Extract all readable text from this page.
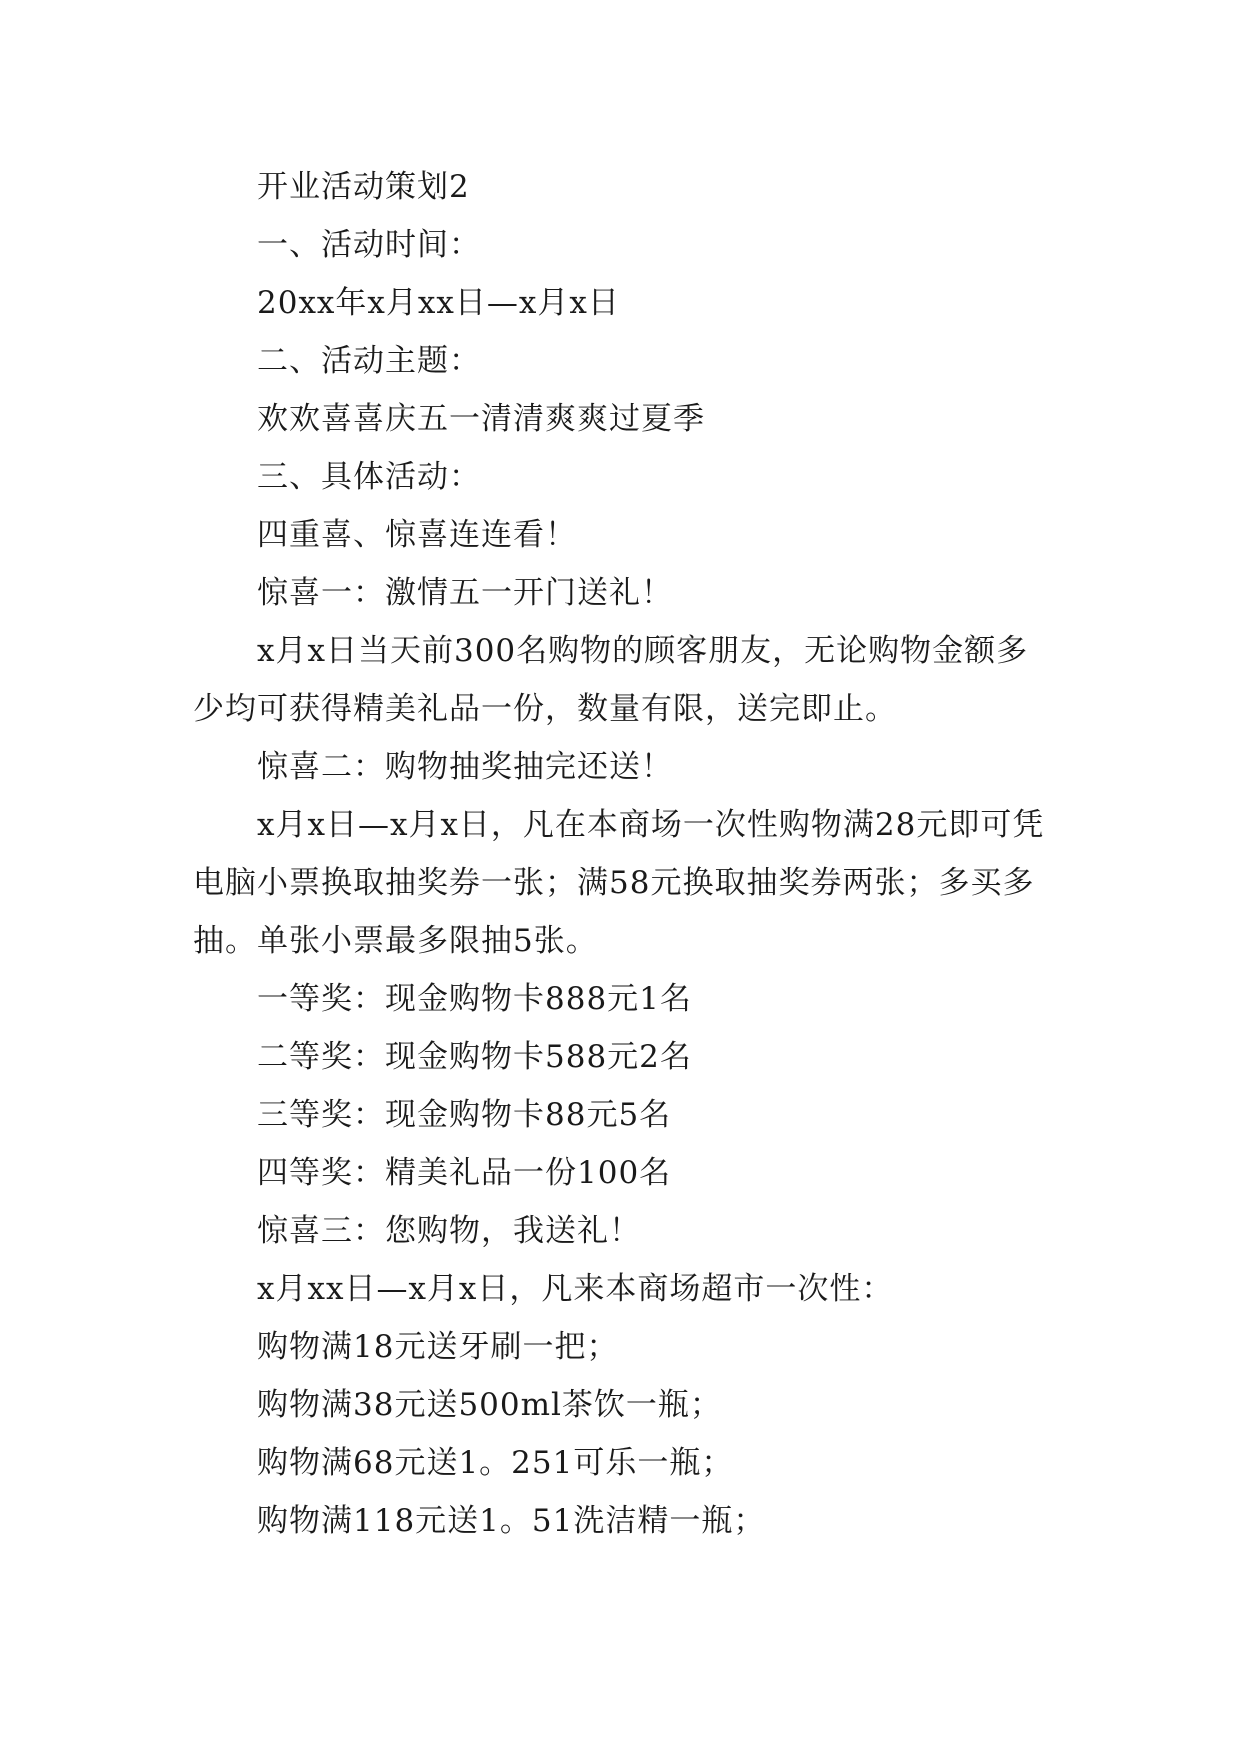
开业活动策划2

一、活动时间：

20xx年x月xx日—x月x日

二、活动主题：

欢欢喜喜庆五一清清爽爽过夏季

三、具体活动：

四重喜、惊喜连连看！

惊喜一：激情五一开门送礼！

x月x日当天前300名购物的顾客朋友，无论购物金额多少均可获得精美礼品一份，数量有限，送完即止。

惊喜二：购物抽奖抽完还送！

x月x日—x月x日，凡在本商场一次性购物满28元即可凭电脑小票换取抽奖券一张；满58元换取抽奖券两张；多买多抽。单张小票最多限抽5张。

一等奖：现金购物卡888元1名

二等奖：现金购物卡588元2名

三等奖：现金购物卡88元5名

四等奖：精美礼品一份100名

惊喜三：您购物，我送礼！

x月xx日—x月x日，凡来本商场超市一次性：

购物满18元送牙刷一把；

购物满38元送500ml茶饮一瓶；

购物满68元送1。251可乐一瓶；

购物满118元送1。51洗洁精一瓶；
